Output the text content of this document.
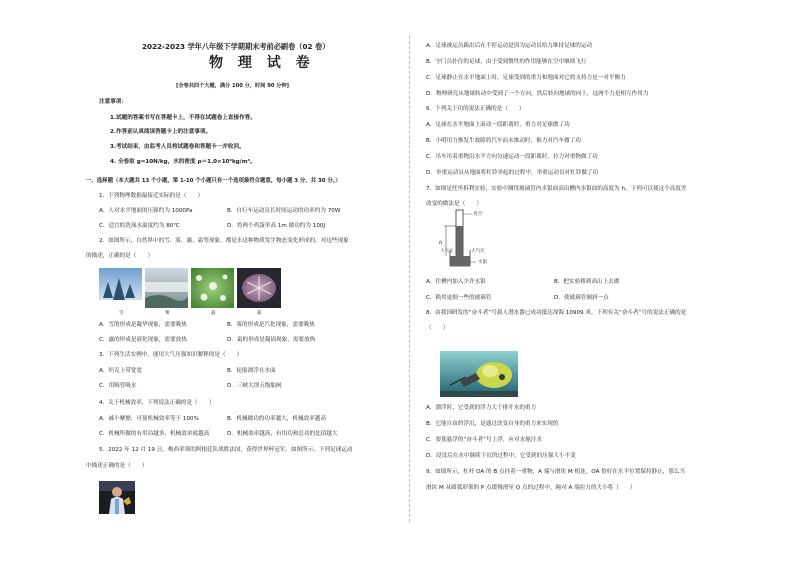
2022-2023 学年八年级下学期期末考前必刷卷（02 卷）
物 理 试 卷
[全卷共四个大题，满分 100 分，时间 90 分钟]
注意事项：
1.试题的答案书写在答题卡上，不得在试题卷上直接作答。
2.作答前认真阅读答题卡上的注意事项。
3.考试结束，由监考人员将试题卷和答题卡一并收回。
4. 全卷取 g=10N/kg，水的密度 ρ＝1.0×10³kg/m³。
一、选择题（本大题共 13 个小题，第 1-10 个小题只有一个选项最符合题意，每小题 3 分，共 30 分。）
1．下列物理数据最接近实际的是（　　）
A．人对水平地面的压强约为 1000Pa	B．自行车运动员长时间运动的功率约为 70W
C．适宜的洗澡水温度约为 80℃	D．将两个鸡蛋举高 1m 做功约为 100J
2．如图所示，自然界中的雪、雾、露、霜等现象，都是水这种物质发生物态变化形成的。对这些现象
的描述，正确的是（　　）
雪	雾	露	霜
A．雪的形成是凝华现象，需要吸热	B．雾的形成是汽化现象，需要吸热
C．露的形成是液化现象，需要放热	D．霜的形成是凝固现象，需要放热
3．下列生活实例中，能用大气压强知识解释的是（　　）
A．坦克上带宽宽	B．轮船漂浮在水面
C．用吸管吸水	D．三峡大坝五级船闸
4．关于机械效率，下列说法正确的是（　　）
A．减小摩擦，可使机械效率等于 100%	B．机械做功的功率越大，机械效率越高
C．机械所做的有用功越多，机械效率就越高	D．机械效率越高，有用功和总功的比值越大
5．2022 年 12 月 19 日，梅西率领的阿根廷队战胜法国，获得世界杯冠军。如图所示，下列足球运动
中描述正确的是（　　）
A．足球被运员踢出后在不停运动是因为运动员给力维持足球的运动
B．守门员扑住的足球，由于受到惯性的作用能够在空中继续飞行
C．足球静止在水平地面上时，足球受到的重力和地面对它的支持力是一对平衡力
D．物理研究从地球转动中受到了一个方向，然后转向地球的向上，这两个力是相互作用力
6．下列关于功的说法正确的是（　　）
A．足球在水平地面上滚动一段距离时，重力对足球做了功
B．小明用力推发生故障的汽车而未推动时，推力对汽车做了功
C．吊车吊着重物沿水平方向匀速运动一段距离时，拉力对重物做了功
D．举重运动员从地面将杠铃举起的过程中，举重运动员对杠铃做了功
7．如图是托里拆利实验，实验中测得玻璃管内水银面高出槽内水银面的高度为 h，下列可以使这个高度差
改变的做法是（　　）
h
真空
大气压	大气压
水银
A．往槽内加入少许水银	B．把实验移到高山上去做
C．换用更细一些的玻璃管	D．使玻璃管倾斜一点
8．由我国研发的“奋斗者”号载人潜水器已成功抵达深海 10909 米。下列有关“奋斗者”号的说法正确的是
（　　）
A．漂浮时，它受到的浮力大于排开水的重力
B．它能自由的浮沉，是通过改变自身的重力来实现的
C．要使悬浮的“奋斗者”号上浮，应对水舱注水
D．浸没后在水中继续下沉的过程中，它受到的压强大小不变
9．如图所示，杠杆 OA 的 B 点挂着一重物，A 端与滑块 M 相连，OA 恰好在水平位置保持静止，那么当
滑块 M 从圆弧形架的 P 点缓慢滑至 Q 点的过程中，绳对 A 端拉力的大小将（　　）
